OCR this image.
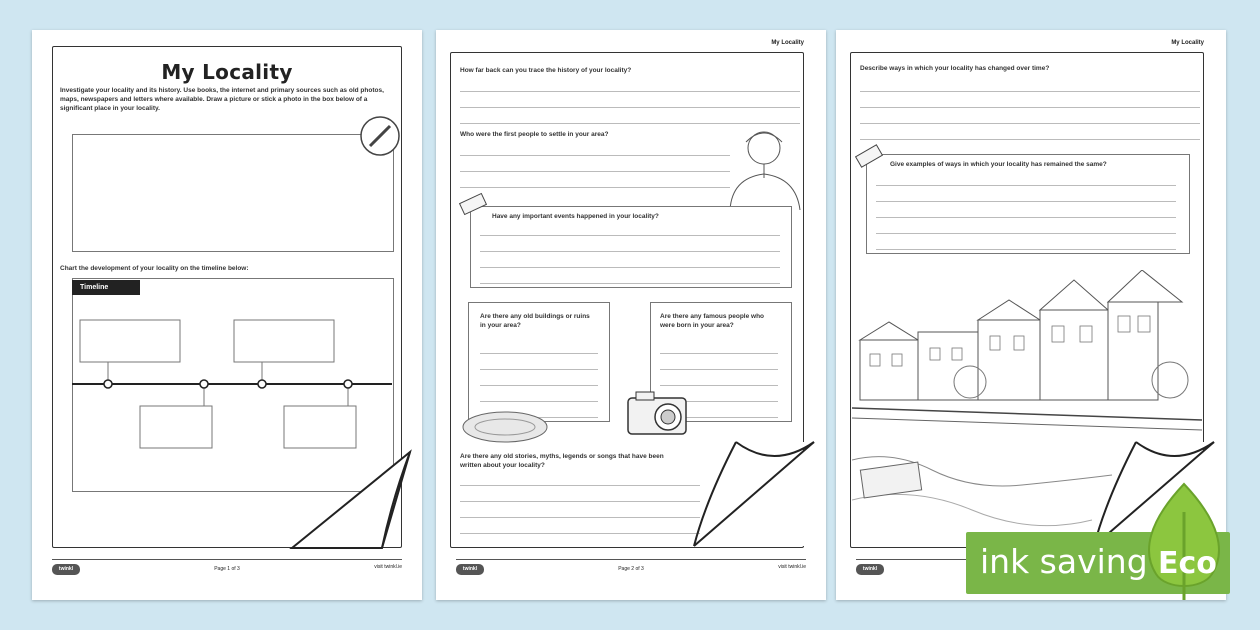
My Locality
Investigate your locality and its history. Use books, the internet and primary sources such as old photos, maps, newspapers and letters where available. Draw a picture or stick a photo in the box below of a significant place in your locality.
Chart the development of your locality on the timeline below:
Timeline
twinkl	Page 1 of 3	visit twinkl.ie
My Locality
How far back can you trace the history of your locality?
Who were the first people to settle in your area?
Have any important events happened in your locality?
Are there any old buildings or ruins in your area?
Are there any famous people who were born in your area?
Are there any old stories, myths, legends or songs that have been written about your locality?
twinkl	Page 2 of 3	visit twinkl.ie
My Locality
Describe ways in which your locality has changed over time?
Give examples of ways in which your locality has remained the same?
twinkl	ink saving Eco
